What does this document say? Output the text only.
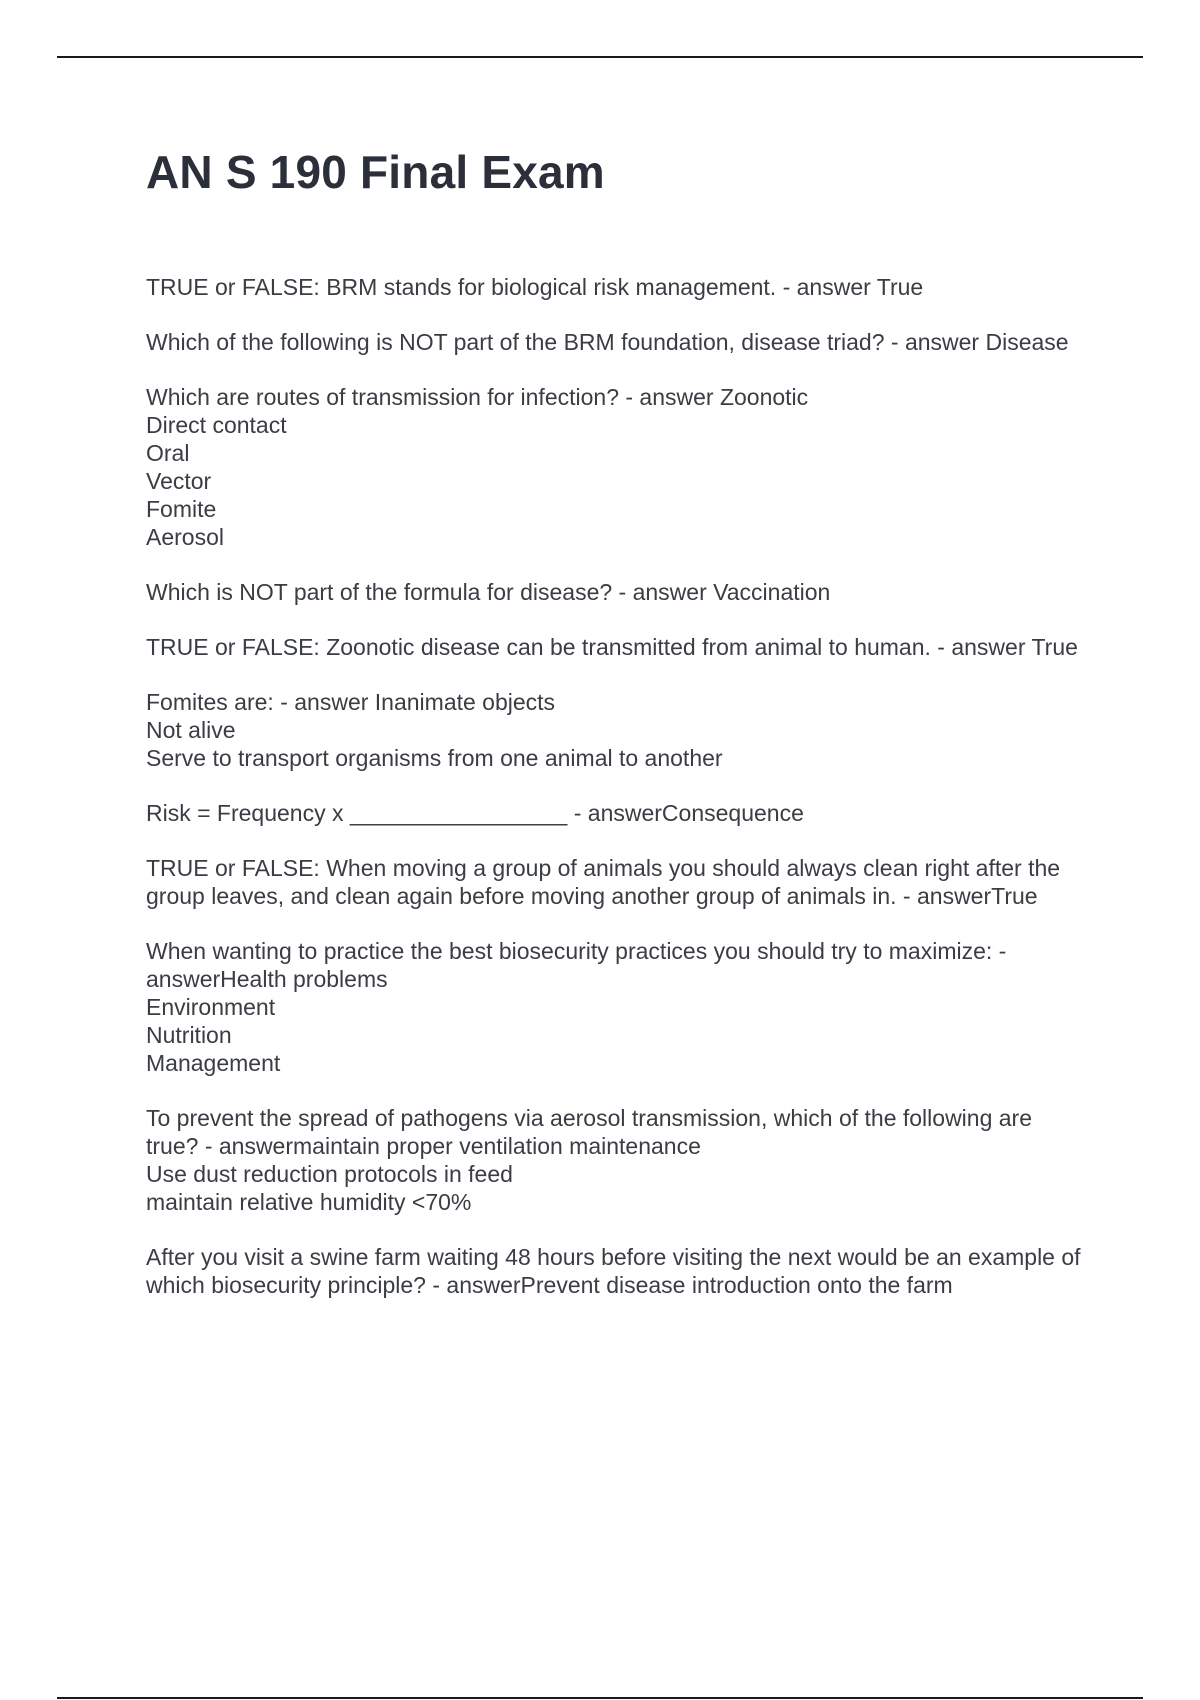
AN S 190 Final Exam

TRUE or FALSE: BRM stands for biological risk management. - answer True

Which of the following is NOT part of the BRM foundation, disease triad? - answer Disease

Which are routes of transmission for infection? - answer Zoonotic
Direct contact
Oral
Vector
Fomite
Aerosol

Which is NOT part of the formula for disease? - answer Vaccination

TRUE or FALSE: Zoonotic disease can be transmitted from animal to human. - answer True

Fomites are: - answer Inanimate objects
Not alive
Serve to transport organisms from one animal to another

Risk = Frequency x _________________ - answerConsequence

TRUE or FALSE: When moving a group of animals you should always clean right after the group leaves, and clean again before moving another group of animals in. - answerTrue

When wanting to practice the best biosecurity practices you should try to maximize: - answerHealth problems
Environment
Nutrition
Management

To prevent the spread of pathogens via aerosol transmission, which of the following are true? - answermaintain proper ventilation maintenance
Use dust reduction protocols in feed
maintain relative humidity <70%

After you visit a swine farm waiting 48 hours before visiting the next would be an example of which biosecurity principle? - answerPrevent disease introduction onto the farm
